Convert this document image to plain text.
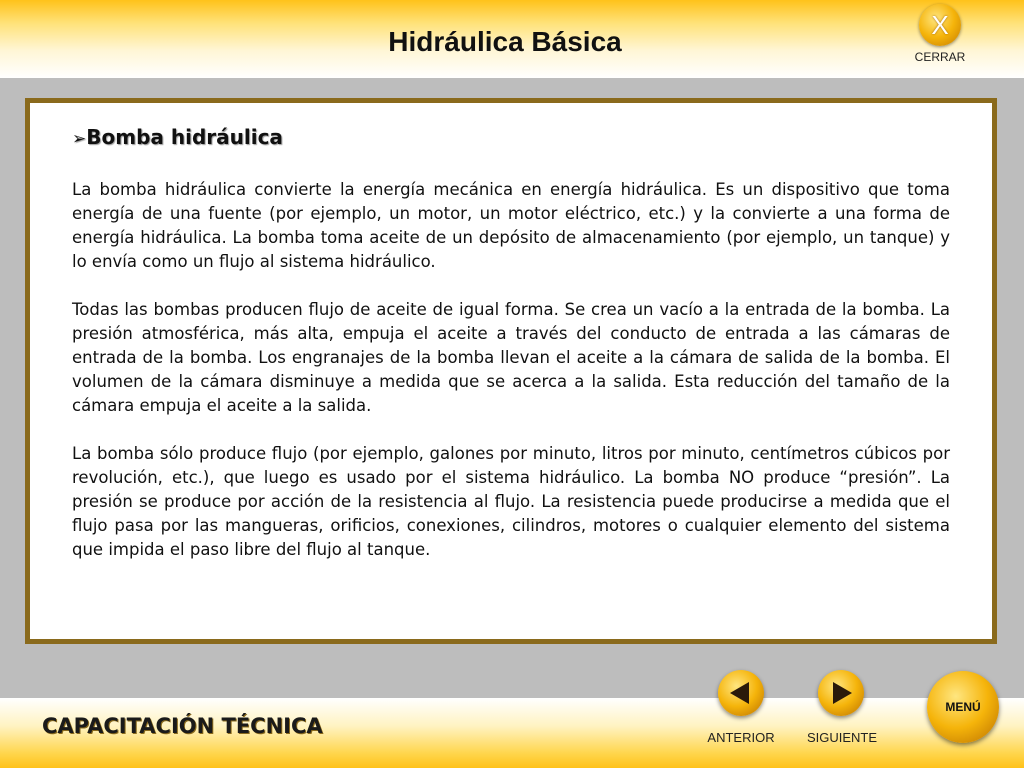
Hidráulica Básica
X
CERRAR
➢Bomba hidráulica

La bomba hidráulica convierte la energía mecánica en energía hidráulica. Es un dispositivo que toma energía de una fuente (por ejemplo, un motor, un motor eléctrico, etc.) y la convierte a una forma de energía hidráulica. La bomba toma aceite de un depósito de almacenamiento (por ejemplo, un tanque) y lo envía como un flujo al sistema hidráulico.

Todas las bombas producen flujo de aceite de igual forma. Se crea un vacío a la entrada de la bomba. La presión atmosférica, más alta, empuja el aceite a través del conducto de entrada a las cámaras de entrada de la bomba. Los engranajes de la bomba llevan el aceite a la cámara de salida de la bomba. El volumen de la cámara disminuye a medida que se acerca a la salida. Esta reducción del tamaño de la cámara empuja el aceite a la salida.

La bomba sólo produce flujo (por ejemplo, galones por minuto, litros por minuto, centímetros cúbicos por revolución, etc.), que luego es usado por el sistema hidráulico. La bomba NO produce “presión”. La presión se produce por acción de la resistencia al flujo. La resistencia puede producirse a medida que el flujo pasa por las mangueras, orificios, conexiones, cilindros, motores o cualquier elemento del sistema que impida el paso libre del flujo al tanque.

CAPACITACIÓN TÉCNICA	ANTERIOR	SIGUIENTE
MENÚ
